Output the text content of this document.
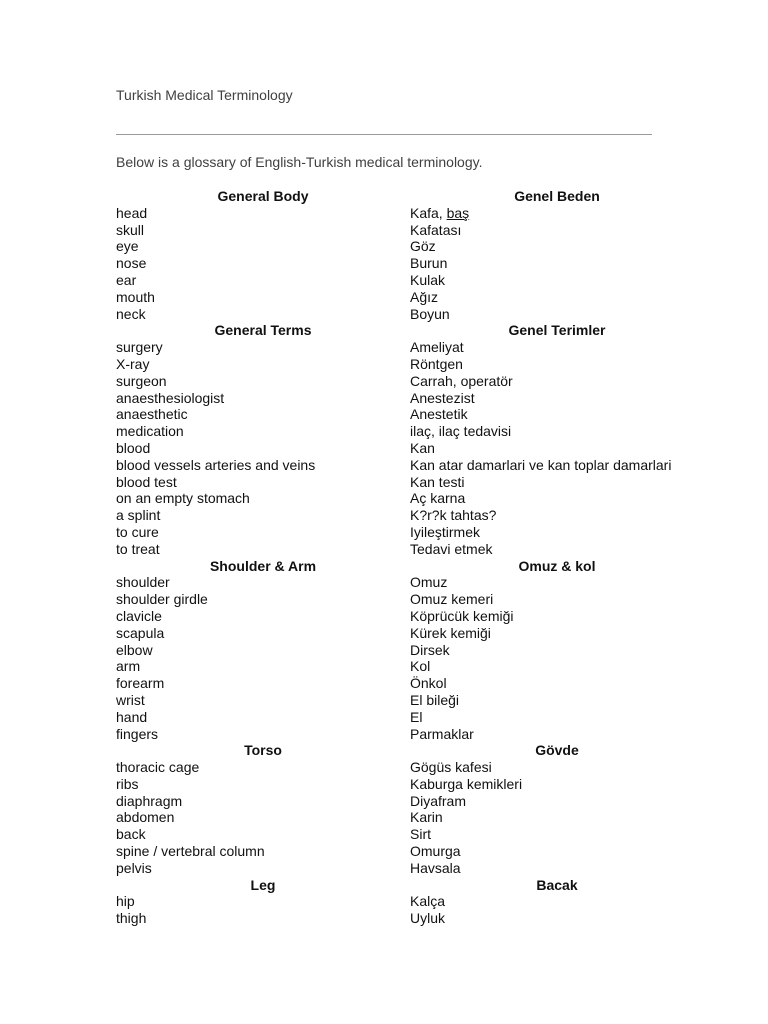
Turkish Medical Terminology
Below is a glossary of English-Turkish medical terminology.
General Body	Genel Beden
head	Kafa, baş
skull	Kafatası
eye	Göz
nose	Burun
ear	Kulak
mouth	Ağız
neck	Boyun
General Terms	Genel Terimler
surgery	Ameliyat
X-ray	Röntgen
surgeon	Carrah, operatör
anaesthesiologist	Anestezist
anaesthetic	Anestetik
medication	ilaç, ilaç tedavisi
blood	Kan
blood vessels arteries and veins	Kan atar damarlari ve kan toplar damarlari
blood test	Kan testi
on an empty stomach	Aç karna
a splint	K?r?k tahtas?
to cure	Iyileştirmek
to treat	Tedavi etmek
Shoulder & Arm	Omuz & kol
shoulder	Omuz
shoulder girdle	Omuz kemeri
clavicle	Köprücük kemiği
scapula	Kürek kemiği
elbow	Dirsek
arm	Kol
forearm	Önkol
wrist	El bileği
hand	El
fingers	Parmaklar
Torso	Gövde
thoracic cage	Gögüs kafesi
ribs	Kaburga kemikleri
diaphragm	Diyafram
abdomen	Karin
back	Sirt
spine / vertebral column	Omurga
pelvis	Havsala
Leg	Bacak
hip	Kalça
thigh	Uyluk
